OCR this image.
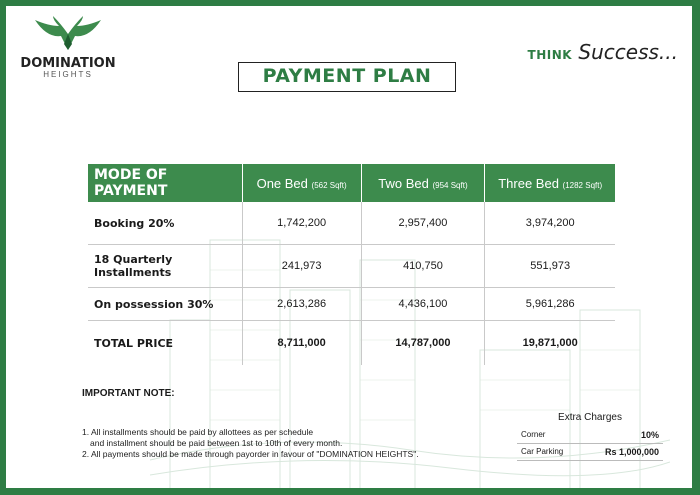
DOMINATION
HEIGHTS
THINK Success...
PAYMENT PLAN
MODE OF PAYMENT	One Bed (562 Sqft)	Two Bed (954 Sqft)	Three Bed (1282 Sqft)
Booking 20%	1,742,200	2,957,400	3,974,200
18 Quarterly Installments	241,973	410,750	551,973
On possession 30%	2,613,286	4,436,100	5,961,286
TOTAL PRICE	8,711,000	14,787,000	19,871,000
IMPORTANT NOTE:
1. All installments should be paid by allottees as per schedule
and installment should be paid between 1st to 10th of every month.
2. All payments should be made through payorder in favour of "DOMINATION HEIGHTS".
Extra Charges
Corner	10%
Car Parking	Rs 1,000,000
